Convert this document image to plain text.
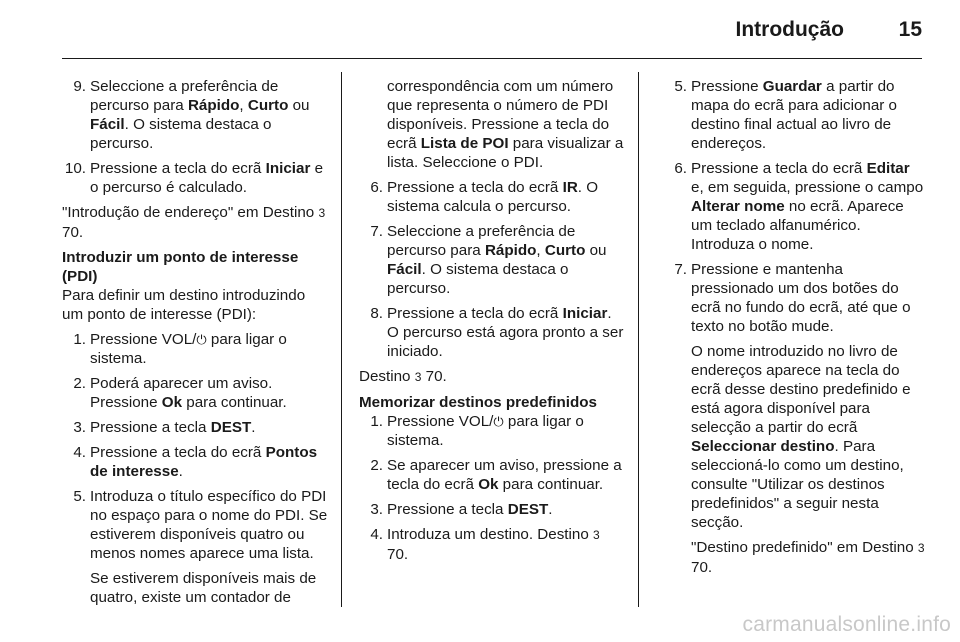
Introdução	15
9. Seleccione a preferência de percurso para Rápido, Curto ou Fácil. O sistema destaca o percurso.

10. Pressione a tecla do ecrã Iniciar e o percurso é calculado.

"Introdução de endereço" em Destino 3 70.

Introduzir um ponto de interesse (PDI)

Para definir um destino introduzindo um ponto de interesse (PDI):

1. Pressione VOL/⏻ para ligar o sistema.

2. Poderá aparecer um aviso. Pressione Ok para continuar.

3. Pressione a tecla DEST.

4. Pressione a tecla do ecrã Pontos de interesse.

5. Introduza o título específico do PDI no espaço para o nome do PDI. Se estiverem disponíveis quatro ou menos nomes aparece uma lista.

Se estiverem disponíveis mais de quatro, existe um contador de

correspondência com um número que representa o número de PDI disponíveis. Pressione a tecla do ecrã Lista de POI para visualizar a lista. Seleccione o PDI.

6. Pressione a tecla do ecrã IR. O sistema calcula o percurso.

7. Seleccione a preferência de percurso para Rápido, Curto ou Fácil. O sistema destaca o percurso.

8. Pressione a tecla do ecrã Iniciar. O percurso está agora pronto a ser iniciado.

Destino 3 70.

Memorizar destinos predefinidos

1. Pressione VOL/⏻ para ligar o sistema.

2. Se aparecer um aviso, pressione a tecla do ecrã Ok para continuar.

3. Pressione a tecla DEST.

4. Introduza um destino. Destino 3 70.

5. Pressione Guardar a partir do mapa do ecrã para adicionar o destino final actual ao livro de endereços.

6. Pressione a tecla do ecrã Editar e, em seguida, pressione o campo Alterar nome no ecrã. Aparece um teclado alfanumérico. Introduza o nome.

7. Pressione e mantenha pressionado um dos botões do ecrã no fundo do ecrã, até que o texto no botão mude.

O nome introduzido no livro de endereços aparece na tecla do ecrã desse destino predefinido e está agora disponível para selecção a partir do ecrã Seleccionar destino. Para seleccioná-lo como um destino, consulte "Utilizar os destinos predefinidos" a seguir nesta secção.

"Destino predefinido" em Destino 3 70.

carmanualsonline.info
